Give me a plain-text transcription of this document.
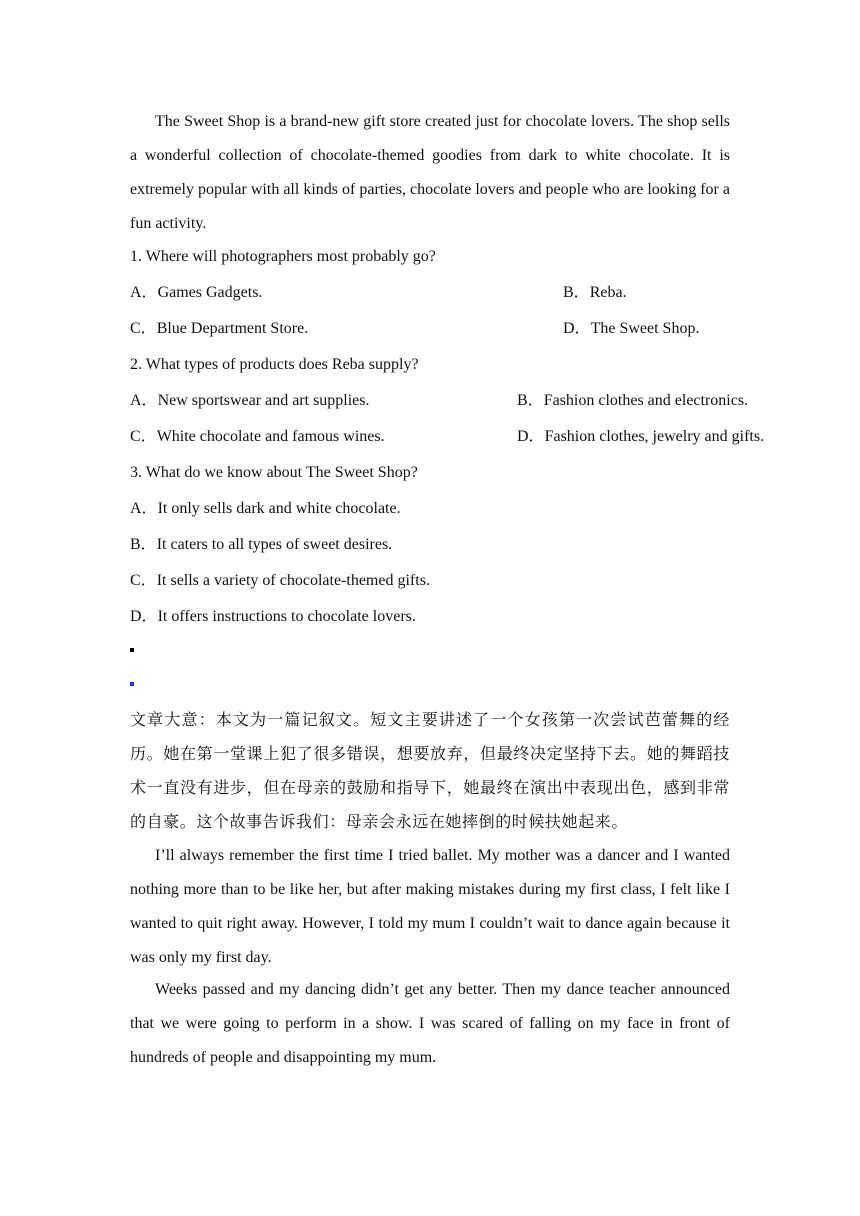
The Sweet Shop is a brand-new gift store created just for chocolate lovers. The shop sells a wonderful collection of chocolate-themed goodies from dark to white chocolate. It is extremely popular with all kinds of parties, chocolate lovers and people who are looking for a fun activity.

1. Where will photographers most probably go?
A．Games Gadgets.	B．Reba.
C．Blue Department Store.	D．The Sweet Shop.
2. What types of products does Reba supply?
A．New sportswear and art supplies.	B．Fashion clothes and electronics.
C．White chocolate and famous wines.	D．Fashion clothes, jewelry and gifts.
3. What do we know about The Sweet Shop?
A．It only sells dark and white chocolate.
B．It caters to all types of sweet desires.
C．It sells a variety of chocolate-themed gifts.
D．It offers instructions to chocolate lovers.

文章大意：本文为一篇记叙文。短文主要讲述了一个女孩第一次尝试芭蕾舞的经历。她在第一堂课上犯了很多错误，想要放弃，但最终决定坚持下去。她的舞蹈技术一直没有进步，但在母亲的鼓励和指导下，她最终在演出中表现出色，感到非常的自豪。这个故事告诉我们：母亲会永远在她摔倒的时候扶她起来。

I’ll always remember the first time I tried ballet. My mother was a dancer and I wanted nothing more than to be like her, but after making mistakes during my first class, I felt like I wanted to quit right away. However, I told my mum I couldn’t wait to dance again because it was only my first day.

Weeks passed and my dancing didn’t get any better. Then my dance teacher announced that we were going to perform in a show. I was scared of falling on my face in front of hundreds of people and disappointing my mum.
